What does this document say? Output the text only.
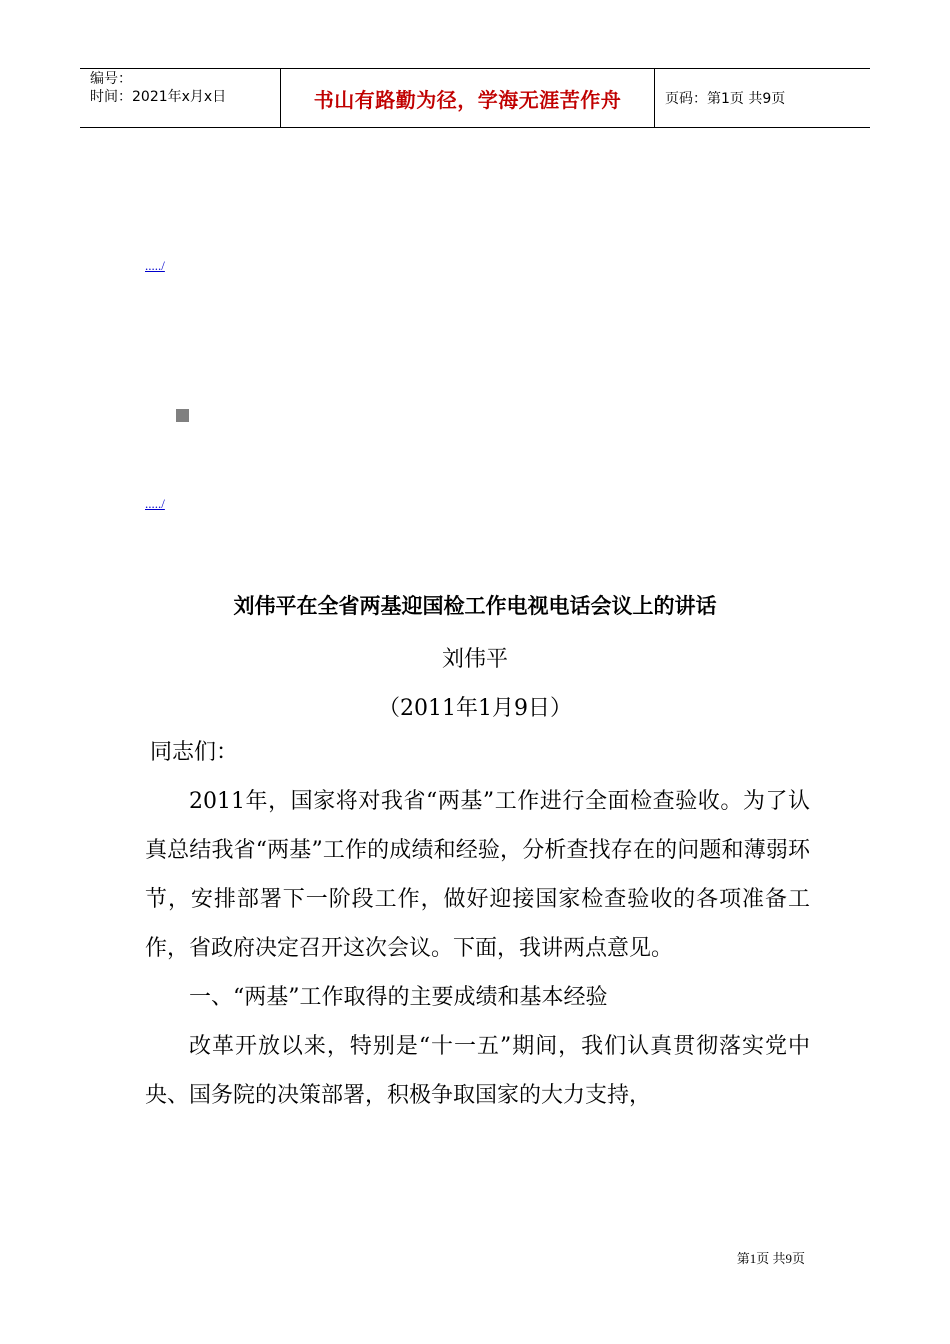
编号：
时间：2021年x月x日	书山有路勤为径，学海无涯苦作舟	页码：第1页 共9页
...../
...../
刘伟平在全省两基迎国检工作电视电话会议上的讲话
刘伟平
（2011年1月9日）

同志们：

2011年，国家将对我省“两基”工作进行全面检查验收。为了认真总结我省“两基”工作的成绩和经验，分析查找存在的问题和薄弱环节，安排部署下一阶段工作，做好迎接国家检查验收的各项准备工作，省政府决定召开这次会议。下面，我讲两点意见。

一、“两基”工作取得的主要成绩和基本经验

改革开放以来，特别是“十一五”期间，我们认真贯彻落实党中央、国务院的决策部署，积极争取国家的大力支持，

第1页 共9页
